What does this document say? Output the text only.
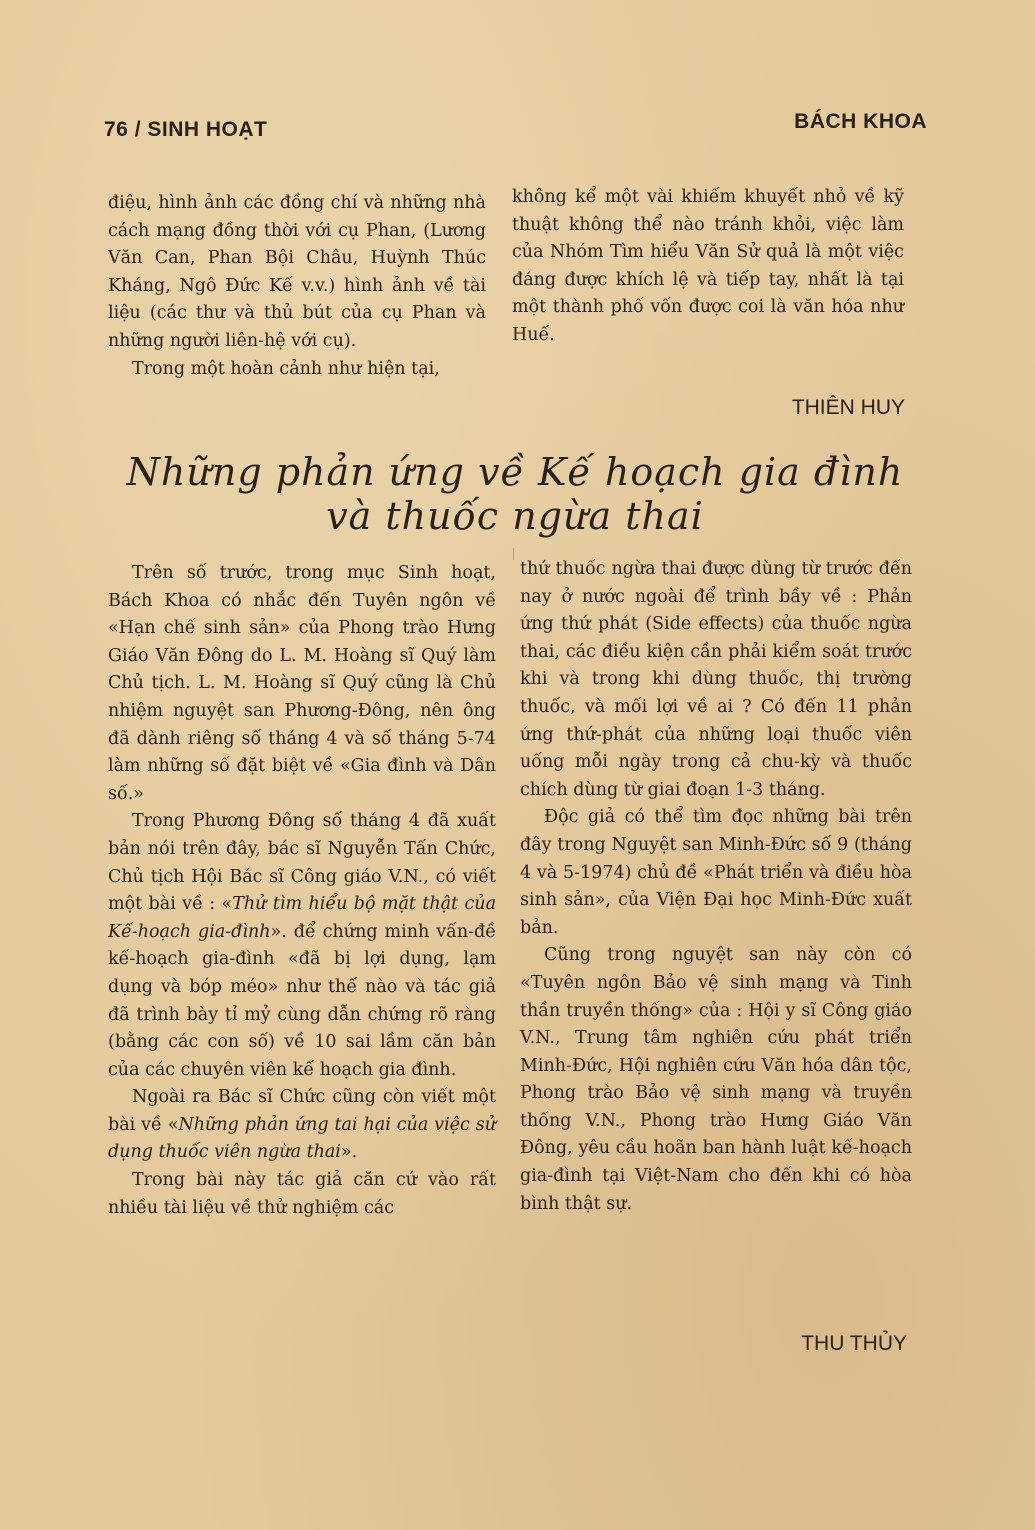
76 / SINH HOẠT	BÁCH KHOA

điệu, hình ảnh các đồng chí và những nhà cách mạng đồng thời với cụ Phan, (Lương Văn Can, Phan Bội Châu, Huỳnh Thúc Kháng, Ngô Đức Kế v.v.) hình ảnh về tài liệu (các thư và thủ bút của cụ Phan và những người liên-hệ với cụ).

Trong một hoàn cảnh như hiện tại,

không kể một vài khiếm khuyết nhỏ về kỹ thuật không thể nào tránh khỏi, việc làm của Nhóm Tìm hiểu Văn Sử quả là một việc đáng được khích lệ và tiếp tay, nhất là tại một thành phố vốn được coi là văn hóa như Huế.

THIÊN HUY
Những phản ứng về Kế hoạch gia đình
và thuốc ngừa thai

Trên số trước, trong mục Sinh hoạt, Bách Khoa có nhắc đến Tuyên ngôn về «Hạn chế sinh sản» của Phong trào Hưng Giáo Văn Đông do L. M. Hoàng sĩ Quý làm Chủ tịch. L. M. Hoàng sĩ Quý cũng là Chủ nhiệm nguyệt san Phương-Đông, nên ông đã dành riêng số tháng 4 và số tháng 5-74 làm những số đặt biệt về «Gia đình và Dân số.»

Trong Phương Đông số tháng 4 đã xuất bản nói trên đây, bác sĩ Nguyễn Tấn Chức, Chủ tịch Hội Bác sĩ Công giáo V.N., có viết một bài về : «Thử tìm hiểu bộ mặt thật của Kế-hoạch gia-đình». để chứng minh vấn-đề kế-hoạch gia-đình «đã bị lợi dụng, lạm dụng và bóp méo» như thế nào và tác giả đã trình bày tỉ mỷ cùng dẫn chứng rõ ràng (bằng các con số) về 10 sai lầm căn bản của các chuyên viên kế hoạch gia đình.

Ngoài ra Bác sĩ Chức cũng còn viết một bài về «Những phản ứng tai hại của việc sử dụng thuốc viên ngừa thai».

Trong bài này tác giả căn cứ vào rất nhiều tài liệu về thử nghiệm các

thứ thuốc ngừa thai được dùng từ trước đến nay ở nước ngoài để trình bầy về : Phản ứng thứ phát (Side effects) của thuốc ngừa thai, các điều kiện cần phải kiểm soát trước khi và trong khi dùng thuốc, thị trường thuốc, và mối lợi về ai ? Có đến 11 phản ứng thứ-phát của những loại thuốc viên uống mỗi ngày trong cả chu-kỳ và thuốc chích dùng từ giai đoạn 1-3 tháng.

Độc giả có thể tìm đọc những bài trên đây trong Nguyệt san Minh-Đức số 9 (tháng 4 và 5-1974) chủ đề «Phát triển và điều hòa sinh sản», của Viện Đại học Minh-Đức xuất bản.

Cũng trong nguyệt san này còn có «Tuyên ngôn Bảo vệ sinh mạng và Tinh thần truyền thống» của : Hội y sĩ Công giáo V.N., Trung tâm nghiên cứu phát triển Minh-Đức, Hội nghiên cứu Văn hóa dân tộc, Phong trào Bảo vệ sinh mạng và truyền thống V.N., Phong trào Hưng Giáo Văn Đông, yêu cầu hoãn ban hành luật kế-hoạch gia-đình tại Việt-Nam cho đến khi có hòa bình thật sự.

THU THỦY
